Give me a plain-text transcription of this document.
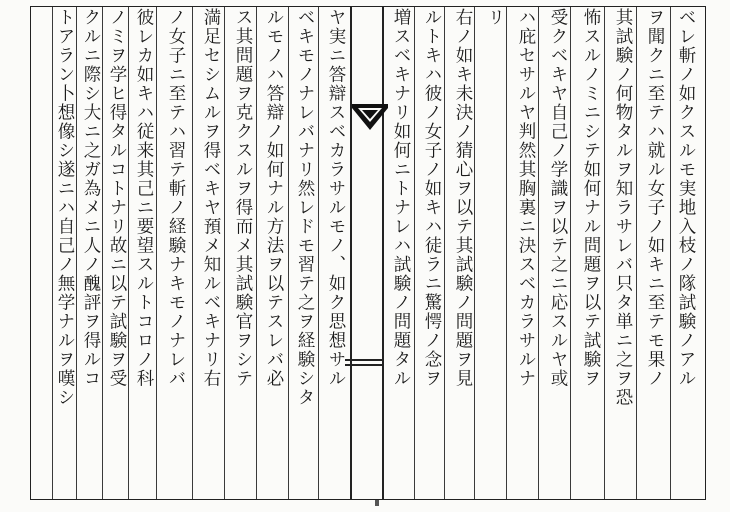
ベレ斬ノ如クスルモ実地入枝ノ隊試験ノアル
ヲ聞クニ至テハ就ル女子ノ如キニ至テモ果ノ
其試験ノ何物タルヲ知ラサレバ只タ単ニ之ヲ恐
怖スルノミニシテ如何ナル問題ヲ以テ試験ヲ
受クベキヤ自己ノ学識ヲ以テ之ニ応スルヤ或
ハ庇セサルヤ判然其胸裏ニ決スベカラサルナ
リ
右ノ如キ未決ノ猜心ヲ以テ其試験ノ問題ヲ見
ルトキハ彼ノ女子ノ如キハ徒ラニ驚愕ノ念ヲ
増スベキナリ如何ニトナレハ試験ノ問題タル
ヤ実ニ答辯スベカラサルモノ、如ク思想サル
ベキモノナレバナリ然レドモ習テ之ヲ経験シタ
ルモノハ答辯ノ如何ナル方法ヲ以テスレバ必
ス其問題ヲ克クスルヲ得而メ其試験官ヲシテ
満足セシムルヲ得ベキヤ預メ知ルベキナリ右
ノ女子ニ至テハ習テ斬ノ経験ナキモノナレバ
彼レカ如キハ従来其己ニ要望スルトコロノ科
ノミヲ学ヒ得タルコトナリ故ニ以テ試験ヲ受
クルニ際シ大ニ之ガ為メニ人ノ醜評ヲ得ルコ
トアラン卜想像シ遂ニハ自己ノ無学ナルヲ嘆シ
